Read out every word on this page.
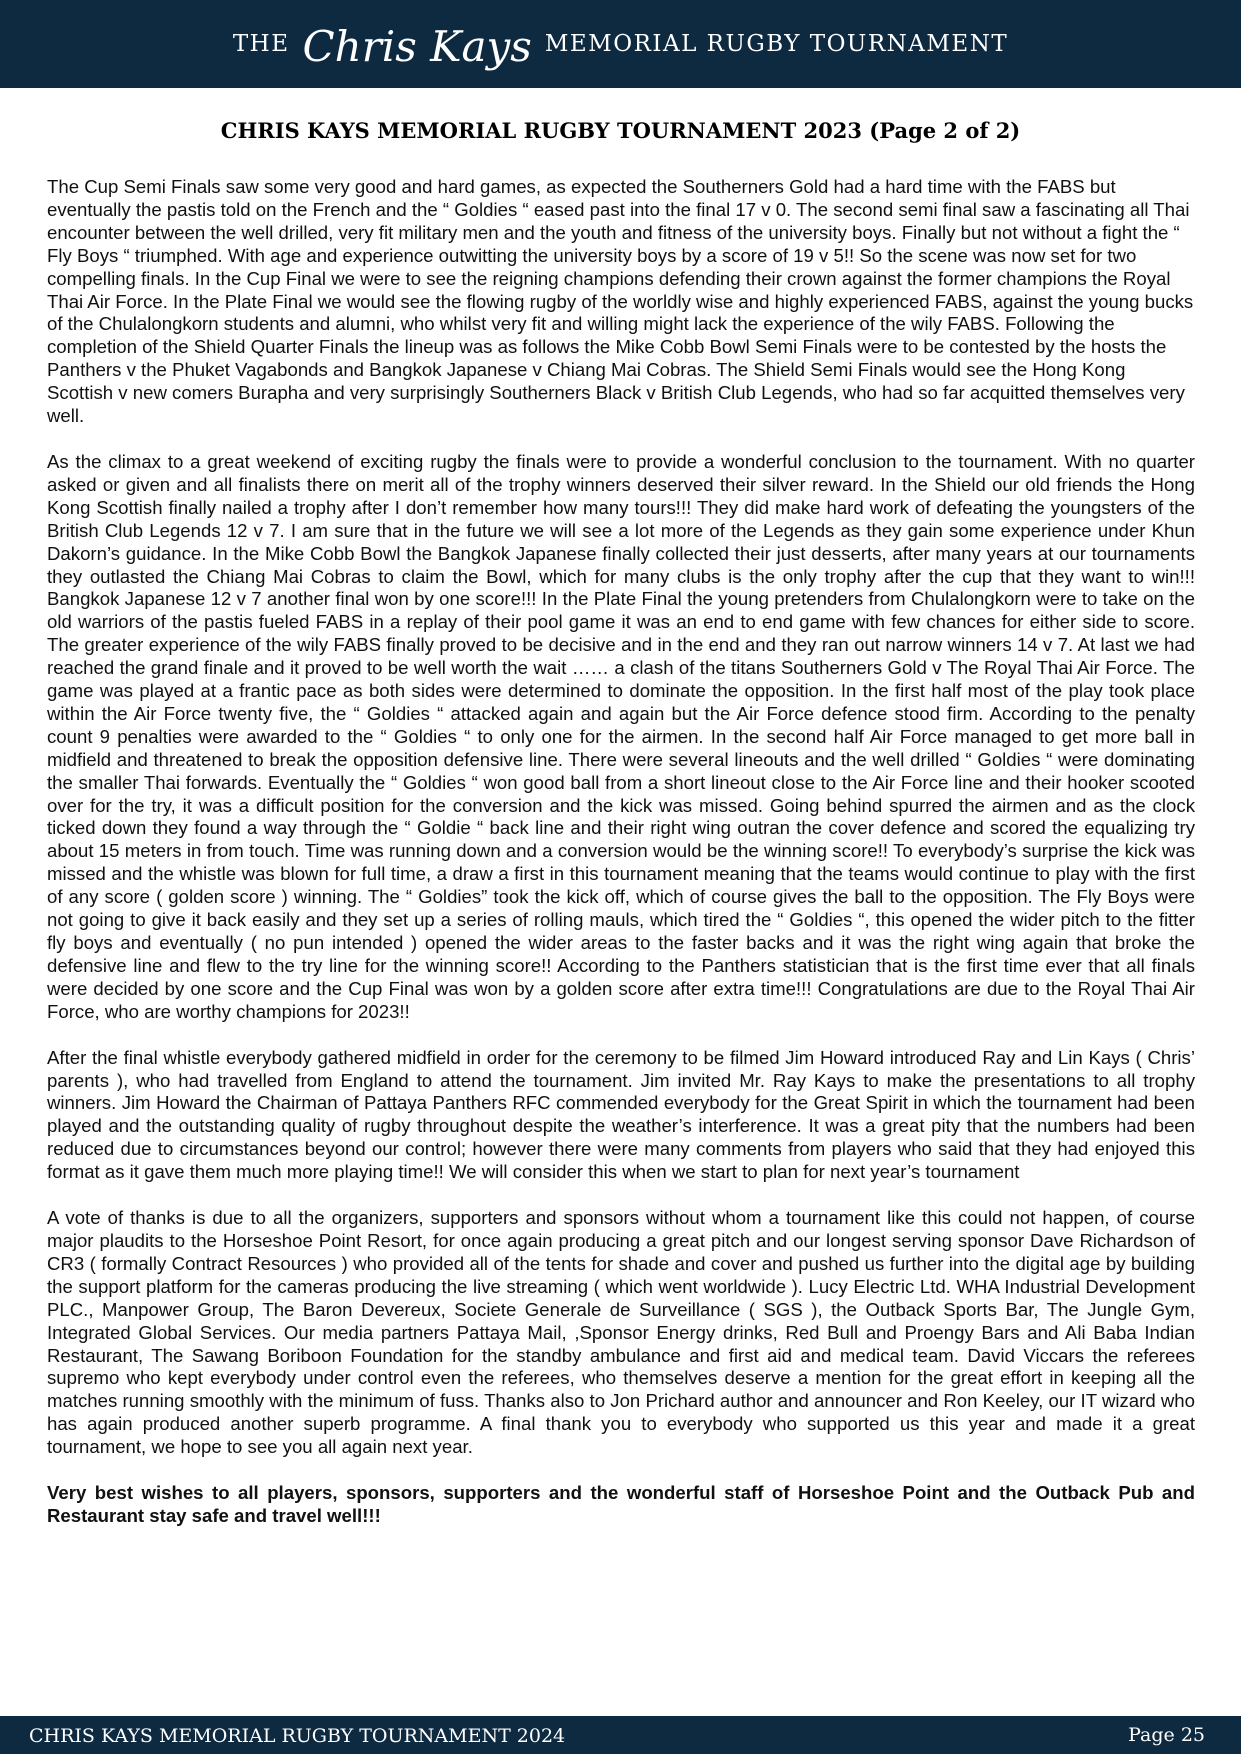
THE Chris Kays MEMORIAL RUGBY TOURNAMENT
CHRIS KAYS MEMORIAL RUGBY TOURNAMENT 2023 (Page 2 of 2)

The Cup Semi Finals saw some very good and hard games, as expected the Southerners Gold had a hard time with the FABS but eventually the pastis told on the French and the “ Goldies “ eased past into the final 17 v 0. The second semi final saw a fascinating all Thai encounter between the well drilled, very fit military men and the youth and fitness of the university boys. Finally but not without a fight the “ Fly Boys “ triumphed. With age and experience outwitting the university boys by a score of 19 v 5!! So the scene was now set for two compelling finals. In the Cup Final we were to see the reigning champions defending their crown against the former champions the Royal Thai Air Force. In the Plate Final we would see the flowing rugby of the worldly wise and highly experienced FABS, against the young bucks of the Chulalongkorn students and alumni, who whilst very fit and willing might lack the experience of the wily FABS. Following the completion of the Shield Quarter Finals the lineup was as follows the Mike Cobb Bowl Semi Finals were to be contested by the hosts the Panthers v the Phuket Vagabonds and Bangkok Japanese v Chiang Mai Cobras. The Shield Semi Finals would see the Hong Kong Scottish v new comers Burapha and very surprisingly Southerners Black v British Club Legends, who had so far acquitted themselves very well.

As the climax to a great weekend of exciting rugby the finals were to provide a wonderful conclusion to the tournament. With no quarter asked or given and all finalists there on merit all of the trophy winners deserved their silver reward. In the Shield our old friends the Hong Kong Scottish finally nailed a trophy after I don’t remember how many tours!!! They did make hard work of defeating the youngsters of the British Club Legends 12 v 7. I am sure that in the future we will see a lot more of the Legends as they gain some experience under Khun Dakorn’s guidance. In the Mike Cobb Bowl the Bangkok Japanese finally collected their just desserts, after many years at our tournaments they outlasted the Chiang Mai Cobras to claim the Bowl, which for many clubs is the only trophy after the cup that they want to win!!! Bangkok Japanese 12 v 7 another final won by one score!!! In the Plate Final the young pretenders from Chulalongkorn were to take on the old warriors of the pastis fueled FABS in a replay of their pool game it was an end to end game with few chances for either side to score. The greater experience of the wily FABS finally proved to be decisive and in the end and they ran out narrow winners 14 v 7. At last we had reached the grand finale and it proved to be well worth the wait …… a clash of the titans Southerners Gold v The Royal Thai Air Force. The game was played at a frantic pace as both sides were determined to dominate the opposition. In the first half most of the play took place within the Air Force twenty five, the “ Goldies “ attacked again and again but the Air Force defence stood firm. According to the penalty count 9 penalties were awarded to the “ Goldies “ to only one for the airmen. In the second half Air Force managed to get more ball in midfield and threatened to break the opposition defensive line. There were several lineouts and the well drilled “ Goldies “ were dominating the smaller Thai forwards. Eventually the “ Goldies “ won good ball from a short lineout close to the Air Force line and their hooker scooted over for the try, it was a difficult position for the conversion and the kick was missed. Going behind spurred the airmen and as the clock ticked down they found a way through the “ Goldie “ back line and their right wing outran the cover defence and scored the equalizing try about 15 meters in from touch. Time was running down and a conversion would be the winning score!! To everybody’s surprise the kick was missed and the whistle was blown for full time, a draw a first in this tournament meaning that the teams would continue to play with the first of any score ( golden score ) winning. The “ Goldies” took the kick off, which of course gives the ball to the opposition. The Fly Boys were not going to give it back easily and they set up a series of rolling mauls, which tired the “ Goldies “, this opened the wider pitch to the fitter fly boys and eventually ( no pun intended ) opened the wider areas to the faster backs and it was the right wing again that broke the defensive line and flew to the try line for the winning score!! According to the Panthers statistician that is the first time ever that all finals were decided by one score and the Cup Final was won by a golden score after extra time!!! Congratulations are due to the Royal Thai Air Force, who are worthy champions for 2023!!

After the final whistle everybody gathered midfield in order for the ceremony to be filmed Jim Howard introduced Ray and Lin Kays ( Chris’ parents ), who had travelled from England to attend the tournament. Jim invited Mr. Ray Kays to make the presentations to all trophy winners. Jim Howard the Chairman of Pattaya Panthers RFC commended everybody for the Great Spirit in which the tournament had been played and the outstanding quality of rugby throughout despite the weather’s interference. It was a great pity that the numbers had been reduced due to circumstances beyond our control; however there were many comments from players who said that they had enjoyed this format as it gave them much more playing time!! We will consider this when we start to plan for next year’s tournament

A vote of thanks is due to all the organizers, supporters and sponsors without whom a tournament like this could not happen, of course major plaudits to the Horseshoe Point Resort, for once again producing a great pitch and our longest serving sponsor Dave Richardson of CR3 ( formally Contract Resources ) who provided all of the tents for shade and cover and pushed us further into the digital age by building the support platform for the cameras producing the live streaming ( which went worldwide ). Lucy Electric Ltd. WHA Industrial Development PLC., Manpower Group, The Baron Devereux, Societe Generale de Surveillance ( SGS ), the Outback Sports Bar, The Jungle Gym, Integrated Global Services. Our media partners Pattaya Mail, ,Sponsor Energy drinks, Red Bull and Proengy Bars and Ali Baba Indian Restaurant, The Sawang Boriboon Foundation for the standby ambulance and first aid and medical team. David Viccars the referees supremo who kept everybody under control even the referees, who themselves deserve a mention for the great effort in keeping all the matches running smoothly with the minimum of fuss. Thanks also to Jon Prichard author and announcer and Ron Keeley, our IT wizard who has again produced another superb programme. A final thank you to everybody who supported us this year and made it a great tournament, we hope to see you all again next year.

Very best wishes to all players, sponsors, supporters and the wonderful staff of Horseshoe Point and the Outback Pub and Restaurant stay safe and travel well!!!

CHRIS KAYS MEMORIAL RUGBY TOURNAMENT 2024	Page 25
